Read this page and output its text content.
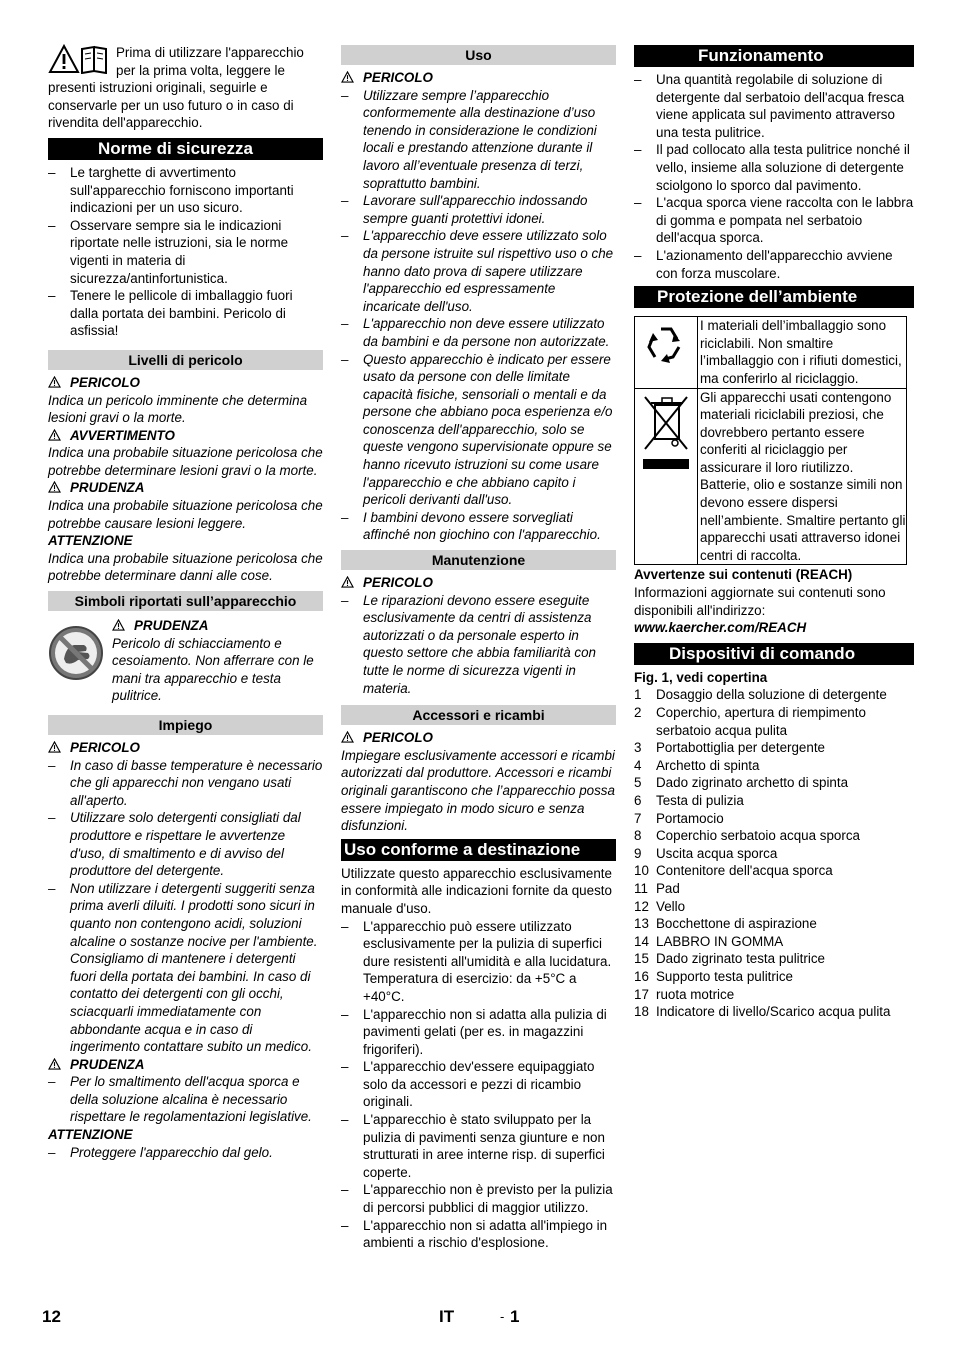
Prima di utilizzare l'apparecchio per la prima volta, leggere le presenti istruzioni originali, seguirle e conservarle per un uso futuro o in caso di rivendita dell'apparecchio.

Norme di sicurezza
– Le targhette di avvertimento sull'apparecchio forniscono importanti indicazioni per un uso sicuro.
– Osservare sempre sia le indicazioni riportate nelle istruzioni, sia le norme vigenti in materia di sicurezza/antinfortunistica.
– Tenere le pellicole di imballaggio fuori dalla portata dei bambini. Pericolo di asfissia!
Livelli di pericolo

PERICOLO

Indica un pericolo imminente che determina lesioni gravi o la morte.

AVVERTIMENTO

Indica una probabile situazione pericolosa che potrebbe determinare lesioni gravi o la morte.

PRUDENZA

Indica una probabile situazione pericolosa che potrebbe causare lesioni leggere.

ATTENZIONE

Indica una probabile situazione pericolosa che potrebbe determinare danni alle cose.

Simboli riportati sull’apparecchio

PRUDENZA

Pericolo di schiacciamento e cesoiamento. Non afferrare con le mani tra apparecchio e testa pulitrice.

Impiego

PERICOLO

– In caso di basse temperature è necessario che gli apparecchi non vengano usati all'aperto.
– Utilizzare solo detergenti consigliati dal produttore e rispettare le avvertenze d'uso, di smaltimento e di avviso del produttore del detergente.
– Non utilizzare i detergenti suggeriti senza prima averli diluiti. I prodotti sono sicuri in quanto non contengono acidi, soluzioni alcaline o sostanze nocive per l'ambiente. Consigliamo di mantenere i detergenti fuori della portata dei bambini. In caso di contatto dei detergenti con gli occhi, sciacquarli immediatamente con abbondante acqua e in caso di ingerimento contattare subito un medico.

PRUDENZA

– Per lo smaltimento dell'acqua sporca e della soluzione alcalina è necessario rispettare le regolamentazioni legislative.

ATTENZIONE

– Proteggere l'apparecchio dal gelo.
Uso

PERICOLO

– Utilizzare sempre l’apparecchio conformemente alla destinazione d’uso tenendo in considerazione le condizioni locali e prestando attenzione durante il lavoro all’eventuale presenza di terzi, soprattutto bambini.
– Lavorare sull'apparecchio indossando sempre guanti protettivi idonei.
– L'apparecchio deve essere utilizzato solo da persone istruite sul rispettivo uso o che hanno dato prova di sapere utilizzare l'apparecchio ed espressamente incaricate dell'uso.
– L'apparecchio non deve essere utilizzato da bambini e da persone non autorizzate.
– Questo apparecchio è indicato per essere usato da persone con delle limitate capacità fisiche, sensoriali o mentali e da persone che abbiano poca esperienza e/o conoscenza dell'apparecchio, solo se queste vengono supervisionate oppure se hanno ricevuto istruzioni su come usare l'apparecchio e che abbiano capito i pericoli derivanti dall'uso.
– I bambini devono essere sorvegliati affinché non giochino con l'apparecchio.
Manutenzione

PERICOLO

– Le riparazioni devono essere eseguite esclusivamente da centri di assistenza autorizzati o da personale esperto in questo settore che abbia familiarità con tutte le norme di sicurezza vigenti in materia.
Accessori e ricambi

PERICOLO

Impiegare esclusivamente accessori e ricambi autorizzati dal produttore. Accessori e ricambi originali garantiscono che l’apparecchio possa essere impiegato in modo sicuro e senza disfunzioni.

Uso conforme a destinazione

Utilizzate questo apparecchio esclusivamente in conformità alle indicazioni fornite da questo manuale d'uso.

– L'apparecchio può essere utilizzato esclusivamente per la pulizia di superfici dure resistenti all'umidità e alla lucidatura.
Temperatura di esercizio: da +5°C a +40°C.
– L'apparecchio non si adatta alla pulizia di pavimenti gelati (per es. in magazzini frigoriferi).
– L'apparecchio dev'essere equipaggiato solo da accessori e pezzi di ricambio originali.
– L'apparecchio è stato sviluppato per la pulizia di pavimenti senza giunture e non strutturati in aree interne risp. di superfici coperte.
– L'apparecchio non è previsto per la pulizia di percorsi pubblici di maggior utilizzo.
– L'apparecchio non si adatta all'impiego in ambienti a rischio d'esplosione.
Funzionamento
– Una quantità regolabile di soluzione di detergente dal serbatoio dell'acqua fresca viene applicata sul pavimento attraverso una testa pulitrice.
– Il pad collocato alla testa pulitrice nonché il vello, insieme alla soluzione di detergente sciolgono lo sporco dal pavimento.
– L'acqua sporca viene raccolta con le labbra di gomma e pompata nel serbatoio dell'acqua sporca.
– L'azionamento dell'apparecchio avviene con forza muscolare.
Protezione dell’ambiente
I materiali dell’imballaggio sono riciclabili. Non smaltire l’imballaggio con i rifiuti domestici, ma conferirlo al riciclaggio.
Gli apparecchi usati contengono materiali riciclabili preziosi, che dovrebbero pertanto essere conferiti al riciclaggio per assicurare il loro riutilizzo. Batterie, olio e sostanze simili non devono essere dispersi nell’ambiente. Smaltire pertanto gli apparecchi usati attraverso idonei centri di raccolta.

Avvertenze sui contenuti (REACH)

Informazioni aggiornate sui contenuti sono disponibili all'indirizzo:

www.kaercher.com/REACH

Dispositivi di comando

Fig. 1, vedi copertina

1 Dosaggio della soluzione di detergente
2 Coperchio, apertura di riempimento serbatoio acqua pulita
3 Portabottiglia per detergente
4 Archetto di spinta
5 Dado zigrinato archetto di spinta
6 Testa di pulizia
7 Portamocio
8 Coperchio serbatoio acqua sporca
9 Uscita acqua sporca
10 Contenitore dell'acqua sporca
11 Pad
12 Vello
13 Bocchettone di aspirazione
14 LABBRO IN GOMMA
15 Dado zigrinato testa pulitrice
16 Supporto testa pulitrice
17 ruota motrice
18 Indicatore di livello/Scarico acqua pulita
12	IT	- 1
